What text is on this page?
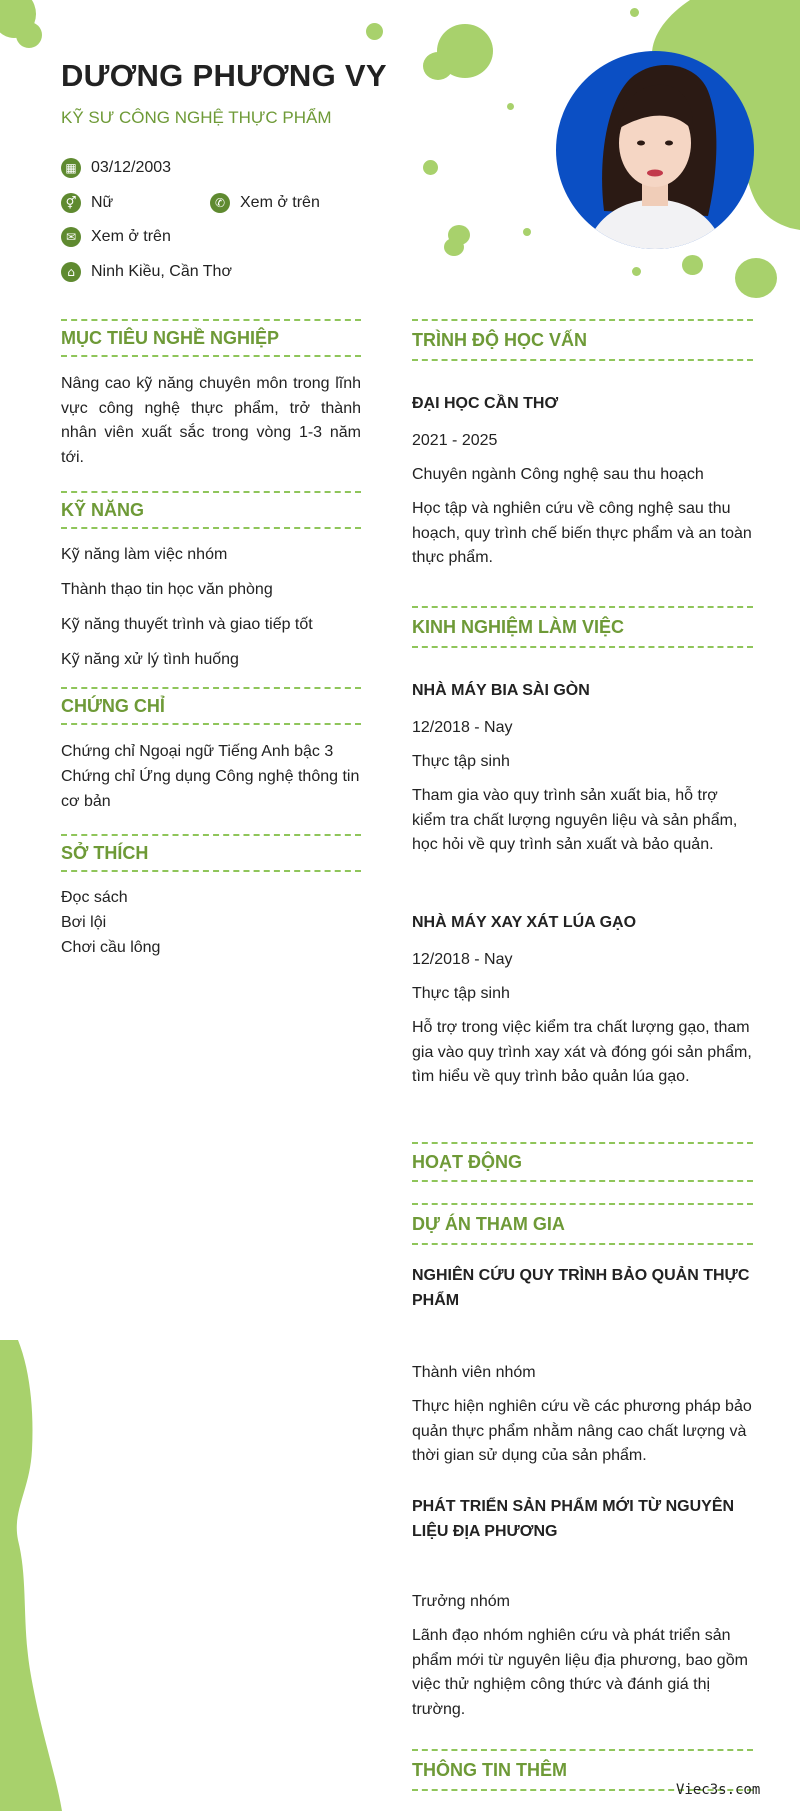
DƯƠNG PHƯƠNG VY

KỸ SƯ CÔNG NGHỆ THỰC PHẨM

▦ 03/12/2003
⚥ Nữ	✆ Xem ở trên
✉ Xem ở trên
⌂	Ninh Kiều, Cần Thơ
MỤC TIÊU NGHỀ NGHIỆP

Nâng cao kỹ năng chuyên môn trong lĩnh vực công nghệ thực phẩm, trở thành nhân viên xuất sắc trong vòng 1-3 năm tới.

KỸ NĂNG

Kỹ năng làm việc nhóm

Thành thạo tin học văn phòng

Kỹ năng thuyết trình và giao tiếp tốt

Kỹ năng xử lý tình huống

CHỨNG CHỈ

Chứng chỉ Ngoại ngữ Tiếng Anh bậc 3

Chứng chỉ Ứng dụng Công nghệ thông tin cơ bản

SỞ THÍCH

Đọc sách

Bơi lội

Chơi cầu lông

TRÌNH ĐỘ HỌC VẤN

ĐẠI HỌC CẦN THƠ

2021 - 2025

Chuyên ngành Công nghệ sau thu hoạch

Học tập và nghiên cứu về công nghệ sau thu hoạch, quy trình chế biến thực phẩm và an toàn thực phẩm.

KINH NGHIỆM LÀM VIỆC

NHÀ MÁY BIA SÀI GÒN

12/2018 - Nay

Thực tập sinh

Tham gia vào quy trình sản xuất bia, hỗ trợ kiểm tra chất lượng nguyên liệu và sản phẩm, học hỏi về quy trình sản xuất và bảo quản.

NHÀ MÁY XAY XÁT LÚA GẠO

12/2018 - Nay

Thực tập sinh

Hỗ trợ trong việc kiểm tra chất lượng gạo, tham gia vào quy trình xay xát và đóng gói sản phẩm, tìm hiểu về quy trình bảo quản lúa gạo.

HOẠT ĐỘNG
DỰ ÁN THAM GIA

NGHIÊN CỨU QUY TRÌNH BẢO QUẢN THỰC PHẨM

Thành viên nhóm

Thực hiện nghiên cứu về các phương pháp bảo quản thực phẩm nhằm nâng cao chất lượng và thời gian sử dụng của sản phẩm.

PHÁT TRIỂN SẢN PHẨM MỚI TỪ NGUYÊN LIỆU ĐỊA PHƯƠNG

Trưởng nhóm

Lãnh đạo nhóm nghiên cứu và phát triển sản phẩm mới từ nguyên liệu địa phương, bao gồm việc thử nghiệm công thức và đánh giá thị trường.

THÔNG TIN THÊM
Viec3s.com
